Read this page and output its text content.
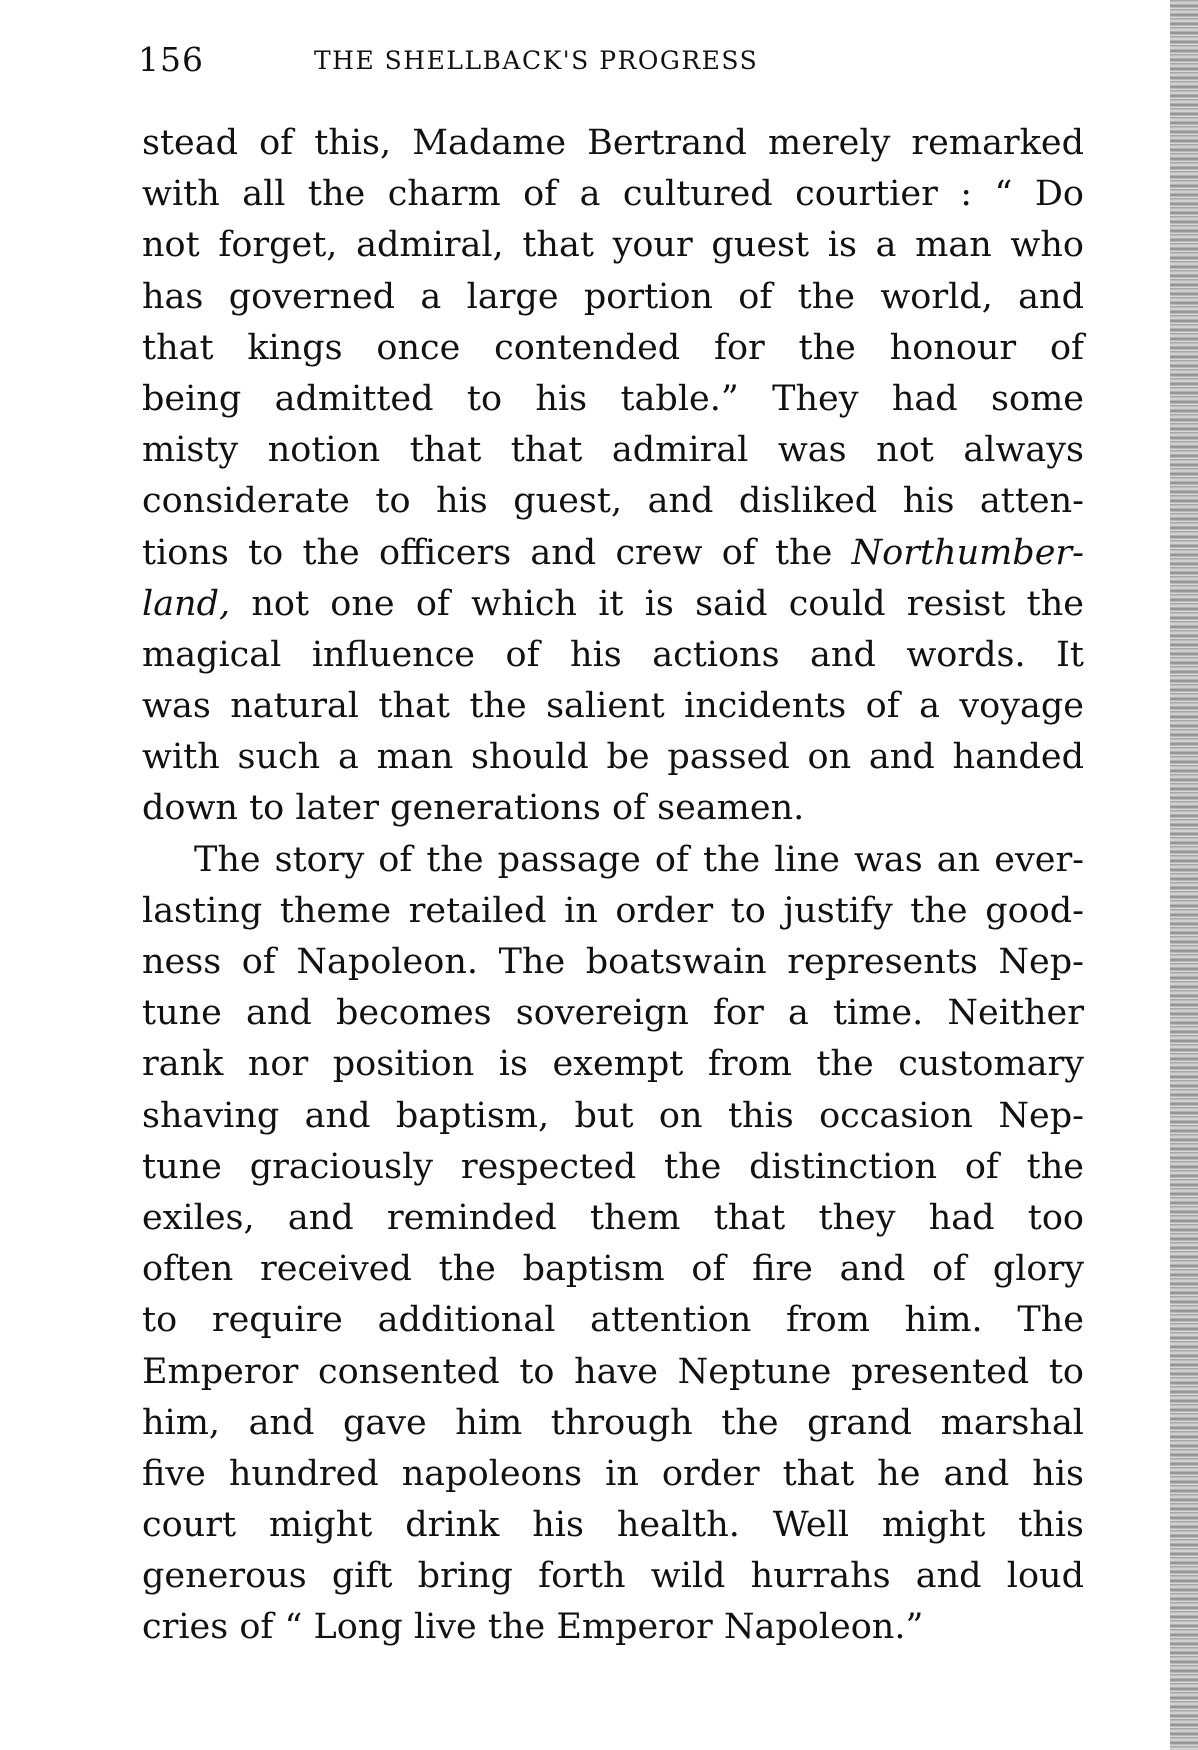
156	THE SHELLBACK'S PROGRESS
stead of this, Madame Bertrand merely remarked
with all the charm of a cultured courtier : “ Do
not forget, admiral, that your guest is a man who
has governed a large portion of the world, and
that kings once contended for the honour of
being admitted to his table.” They had some
misty notion that that admiral was not always
considerate to his guest, and disliked his atten-
tions to the officers and crew of the Northumber-
land, not one of which it is said could resist the
magical influence of his actions and words. It
was natural that the salient incidents of a voyage
with such a man should be passed on and handed
down to later generations of seamen.
The story of the passage of the line was an ever-
lasting theme retailed in order to justify the good-
ness of Napoleon. The boatswain represents Nep-
tune and becomes sovereign for a time. Neither
rank nor position is exempt from the customary
shaving and baptism, but on this occasion Nep-
tune graciously respected the distinction of the
exiles, and reminded them that they had too
often received the baptism of fire and of glory
to require additional attention from him. The
Emperor consented to have Neptune presented to
him, and gave him through the grand marshal
five hundred napoleons in order that he and his
court might drink his health. Well might this
generous gift bring forth wild hurrahs and loud
cries of “ Long live the Emperor Napoleon.”
